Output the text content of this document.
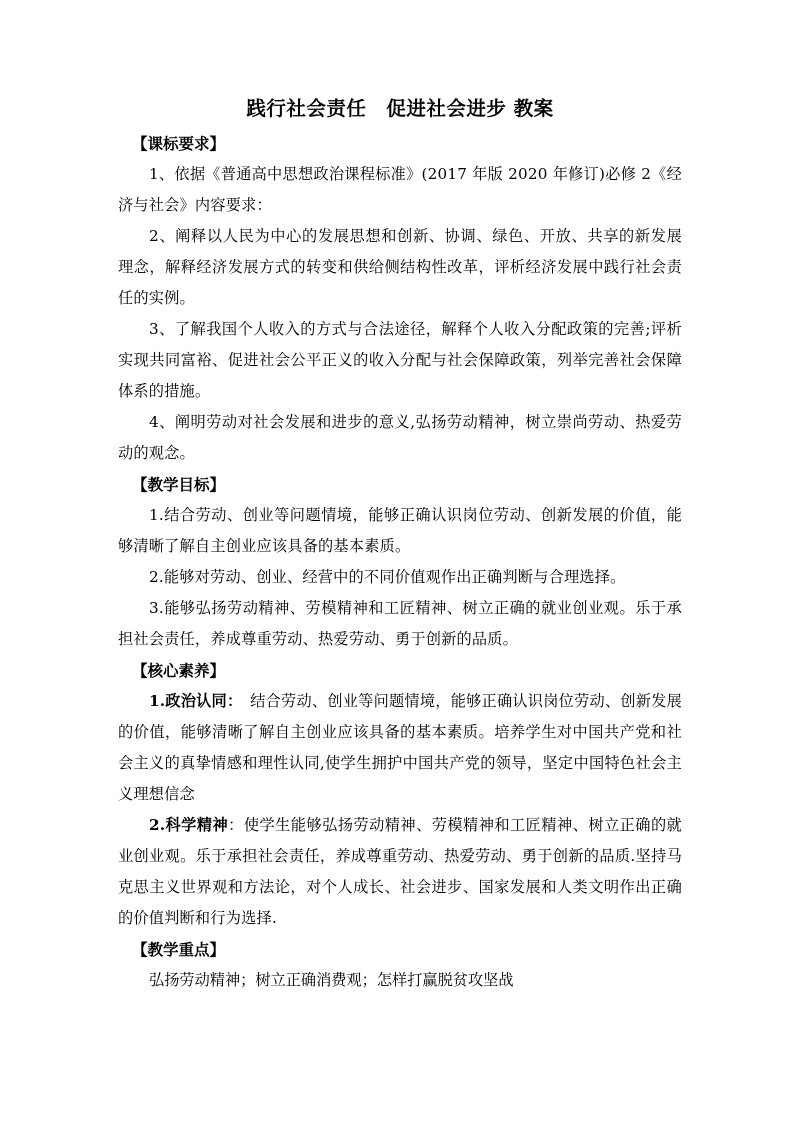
践行社会责任　促进社会进步 教案

【课标要求】

1、依据《普通高中思想政治课程标准》(2017 年版 2020 年修订)必修 2《经济与社会》内容要求：

2、阐释以人民为中心的发展思想和创新、协调、绿色、开放、共享的新发展理念，解释经济发展方式的转变和供给侧结构性改革，评析经济发展中践行社会责任的实例。

3、了解我国个人收入的方式与合法途径，解释个人收入分配政策的完善;评析实现共同富裕、促进社会公平正义的收入分配与社会保障政策，列举完善社会保障体系的措施。

4、阐明劳动对社会发展和进步的意义,弘扬劳动精神，树立崇尚劳动、热爱劳动的观念。

【教学目标】

1.结合劳动、创业等问题情境，能够正确认识岗位劳动、创新发展的价值，能够清晰了解自主创业应该具备的基本素质。

2.能够对劳动、创业、经营中的不同价值观作出正确判断与合理选择。

3.能够弘扬劳动精神、劳模精神和工匠精神、树立正确的就业创业观。乐于承担社会责任，养成尊重劳动、热爱劳动、勇于创新的品质。

【核心素养】

1.政治认同：　结合劳动、创业等问题情境，能够正确认识岗位劳动、创新发展的价值，能够清晰了解自主创业应该具备的基本素质。培养学生对中国共产党和社会主义的真挚情感和理性认同,使学生拥护中国共产党的领导，坚定中国特色社会主义理想信念

2.科学精神：使学生能够弘扬劳动精神、劳模精神和工匠精神、树立正确的就业创业观。乐于承担社会责任，养成尊重劳动、热爱劳动、勇于创新的品质.坚持马克思主义世界观和方法论，对个人成长、社会进步、国家发展和人类文明作出正确的价值判断和行为选择.

【教学重点】

弘扬劳动精神；树立正确消费观；怎样打赢脱贫攻坚战
